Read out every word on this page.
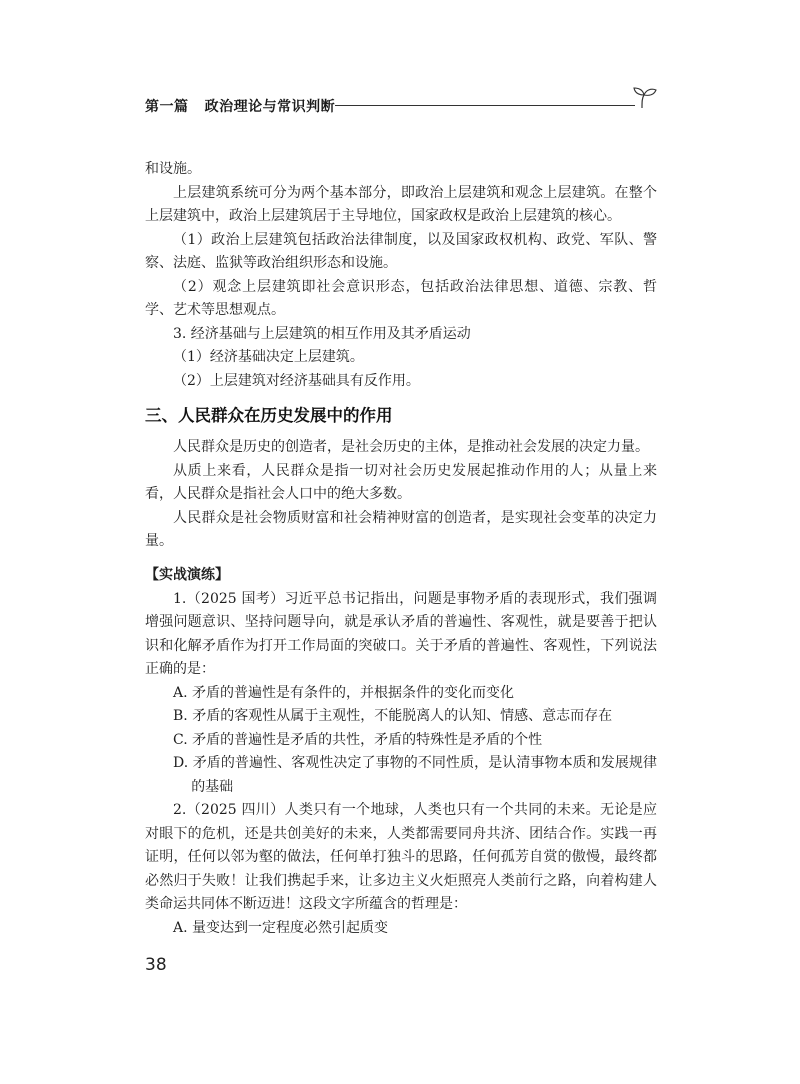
第一篇 政治理论与常识判断

和设施。

上层建筑系统可分为两个基本部分，即政治上层建筑和观念上层建筑。在整个上层建筑中，政治上层建筑居于主导地位，国家政权是政治上层建筑的核心。

（1）政治上层建筑包括政治法律制度，以及国家政权机构、政党、军队、警察、法庭、监狱等政治组织形态和设施。

（2）观念上层建筑即社会意识形态，包括政治法律思想、道德、宗教、哲学、艺术等思想观点。

3. 经济基础与上层建筑的相互作用及其矛盾运动

（1）经济基础决定上层建筑。

（2）上层建筑对经济基础具有反作用。

三、人民群众在历史发展中的作用

人民群众是历史的创造者，是社会历史的主体，是推动社会发展的决定力量。

从质上来看，人民群众是指一切对社会历史发展起推动作用的人；从量上来看，人民群众是指社会人口中的绝大多数。

人民群众是社会物质财富和社会精神财富的创造者，是实现社会变革的决定力量。

【实战演练】

1.（2025 国考）习近平总书记指出，问题是事物矛盾的表现形式，我们强调增强问题意识、坚持问题导向，就是承认矛盾的普遍性、客观性，就是要善于把认识和化解矛盾作为打开工作局面的突破口。关于矛盾的普遍性、客观性，下列说法正确的是：

A. 矛盾的普遍性是有条件的，并根据条件的变化而变化
B. 矛盾的客观性从属于主观性，不能脱离人的认知、情感、意志而存在
C. 矛盾的普遍性是矛盾的共性，矛盾的特殊性是矛盾的个性
D. 矛盾的普遍性、客观性决定了事物的不同性质，是认清事物本质和发展规律的基础

2.（2025 四川）人类只有一个地球，人类也只有一个共同的未来。无论是应对眼下的危机，还是共创美好的未来，人类都需要同舟共济、团结合作。实践一再证明，任何以邻为壑的做法，任何单打独斗的思路，任何孤芳自赏的傲慢，最终都必然归于失败！让我们携起手来，让多边主义火炬照亮人类前行之路，向着构建人类命运共同体不断迈进！这段文字所蕴含的哲理是：

A. 量变达到一定程度必然引起质变
38
